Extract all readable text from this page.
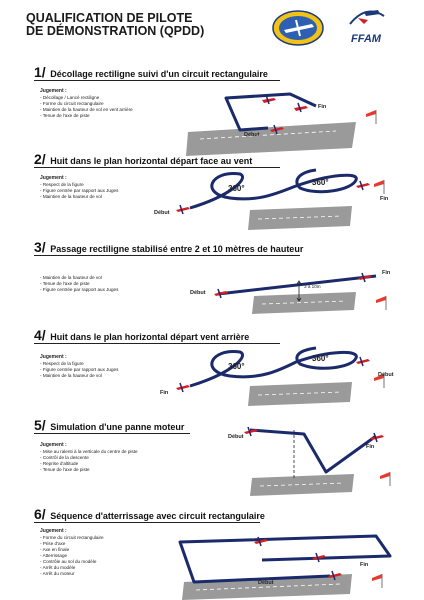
QUALIFICATION DE PILOTE
DE DÉMONSTRATION (QPDD)
FFAM
1/ Décollage rectiligne suivi d'un circuit rectangulaire
Jugement :
- Décollage / Lancé rectiligne
- Forme du circuit rectangulaire
- Maintien de la hauteur de vol en vent arrière
- Tenue de l'axe de piste
Fin
Début
2/ Huit dans le plan horizontal départ face au vent
Jugement :
- Respect de la figure
- Figure centrée par rapport aux Juges
- Maintien de la hauteur de vol
360°
360°
Début
Fin
3/ Passage rectiligne stabilisé entre 2 et 10 mètres de hauteur
- Maintien de la hauteur de vol
- Tenue de l'axe de piste
- Figure centrée par rapport aux Juges
Début
Fin
3 à 10m
4/ Huit dans le plan horizontal départ vent arrière
Jugement :
- Respect de la figure
- Figure centrée par rapport aux Juges
- Maintien de la hauteur de vol
360°
360°
Fin
Début
5/ Simulation d'une panne moteur
Jugement :
- Mise au ralenti à la verticale du centre de piste
- Contrôl de la descente
- Reprise d'altitude
- Tenue de l'axe de piste
Début
Fin
6/ Séquence d'atterrissage avec circuit rectangulaire
Jugement :
- Forme du circuit rectangulaire
- Prise d'axe
- Axe en finale
- Atterrissage
- Contrôle au sol du modèle
- Arrêt du modèle
- Arrêt du moteur
Fin
Début
